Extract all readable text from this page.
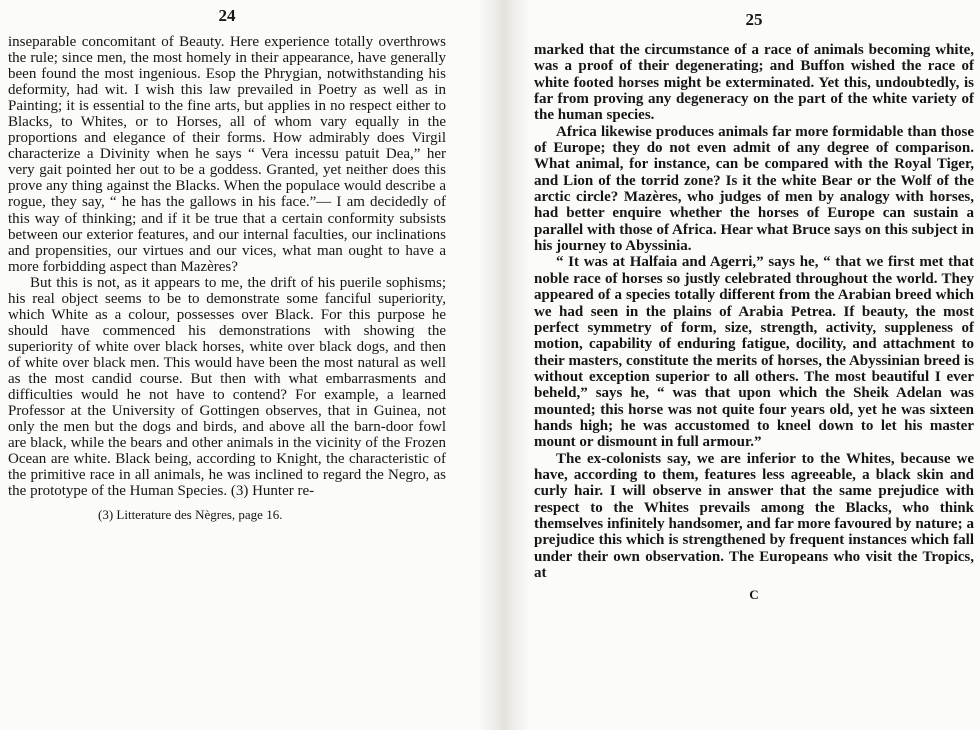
24

inseparable concomitant of Beauty. Here experience totally overthrows the rule; since men, the most homely in their appearance, have generally been found the most ingenious. Esop the Phrygian, notwithstanding his deformity, had wit. I wish this law prevailed in Poetry as well as in Painting; it is essential to the fine arts, but applies in no respect either to Blacks, to Whites, or to Horses, all of whom vary equally in the proportions and elegance of their forms. How admirably does Virgil characterize a Divinity when he says “ Vera incessu patuit Dea,” her very gait pointed her out to be a goddess. Granted, yet neither does this prove any thing against the Blacks. When the populace would describe a rogue, they say, “ he has the gallows in his face.”— I am decidedly of this way of thinking; and if it be true that a certain conformity subsists between our exterior features, and our internal faculties, our inclinations and propensities, our virtues and our vices, what man ought to have a more forbidding aspect than Mazères?

But this is not, as it appears to me, the drift of his puerile sophisms; his real object seems to be to demonstrate some fanciful superiority, which White as a colour, possesses over Black. For this purpose he should have commenced his demonstrations with showing the superiority of white over black horses, white over black dogs, and then of white over black men. This would have been the most natural as well as the most candid course. But then with what embarrasments and difficulties would he not have to contend? For example, a learned Professor at the University of Gottingen observes, that in Guinea, not only the men but the dogs and birds, and above all the barn-door fowl are black, while the bears and other animals in the vicinity of the Frozen Ocean are white. Black being, according to Knight, the characteristic of the primitive race in all animals, he was inclined to regard the Negro, as the prototype of the Human Species. (3) Hunter re-

(3) Litterature des Nègres, page 16.
25

marked that the circumstance of a race of animals becoming white, was a proof of their degenerating; and Buffon wished the race of white footed horses might be exterminated. Yet this, undoubtedly, is far from proving any degeneracy on the part of the white variety of the human species.

Africa likewise produces animals far more formidable than those of Europe; they do not even admit of any degree of comparison. What animal, for instance, can be compared with the Royal Tiger, and Lion of the torrid zone? Is it the white Bear or the Wolf of the arctic circle? Mazères, who judges of men by analogy with horses, had better enquire whether the horses of Europe can sustain a parallel with those of Africa. Hear what Bruce says on this subject in his journey to Abyssinia.

“ It was at Halfaia and Agerri,” says he, “ that we first met that noble race of horses so justly celebrated throughout the world. They appeared of a species totally different from the Arabian breed which we had seen in the plains of Arabia Petrea. If beauty, the most perfect symmetry of form, size, strength, activity, suppleness of motion, capability of enduring fatigue, docility, and attachment to their masters, constitute the merits of horses, the Abyssinian breed is without exception superior to all others. The most beautiful I ever beheld,” says he, “ was that upon which the Sheik Adelan was mounted; this horse was not quite four years old, yet he was sixteen hands high; he was accustomed to kneel down to let his master mount or dismount in full armour.”

The ex-colonists say, we are inferior to the Whites, because we have, according to them, features less agreeable, a black skin and curly hair. I will observe in answer that the same prejudice with respect to the Whites prevails among the Blacks, who think themselves infinitely handsomer, and far more favoured by nature; a prejudice this which is strengthened by frequent instances which fall under their own observation. The Europeans who visit the Tropics, at

C
